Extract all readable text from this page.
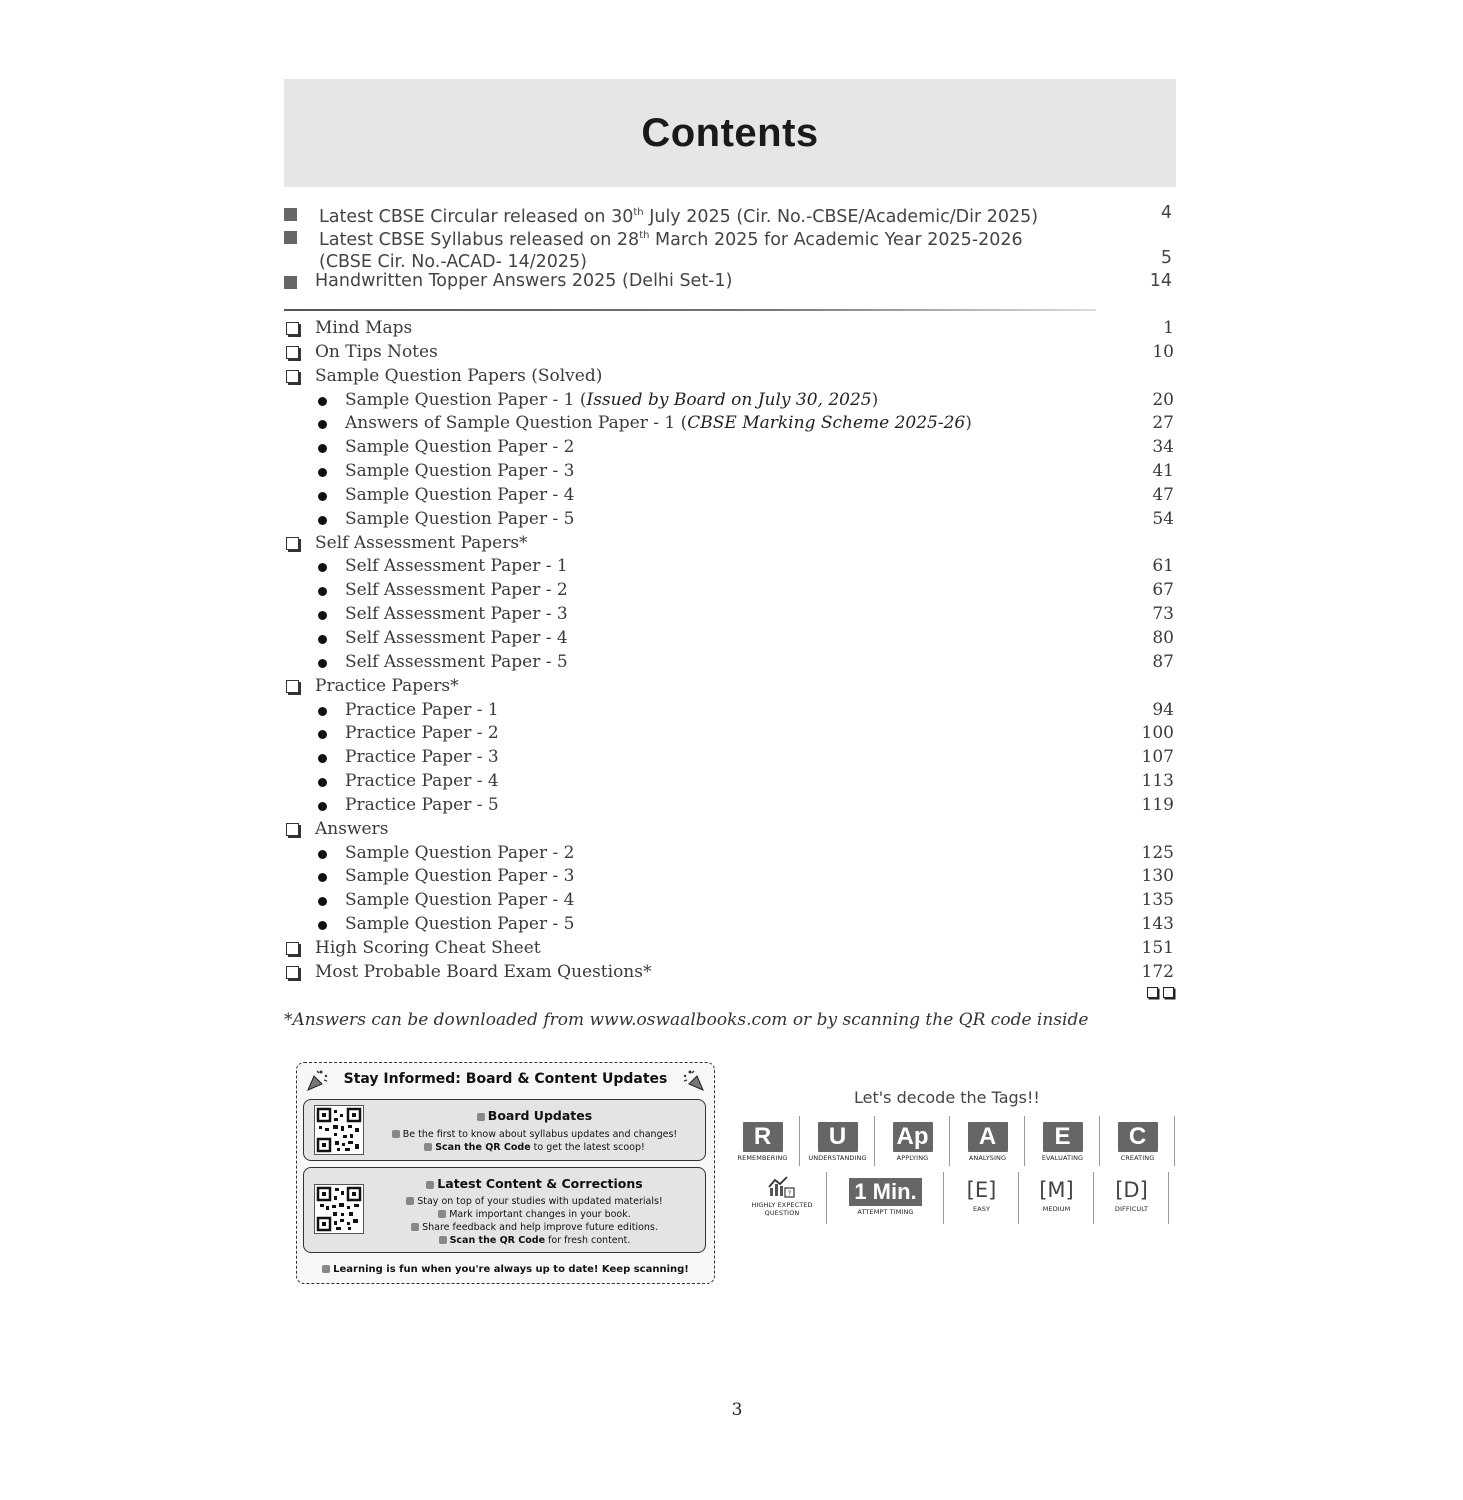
Contents
Latest CBSE Circular released on 30th July 2025 (Cir. No.-CBSE/Academic/Dir 2025)	4
Latest CBSE Syllabus released on 28th March 2025 for Academic Year 2025-2026
(CBSE Cir. No.-ACAD- 14/2025)	5
Handwritten Topper Answers 2025 (Delhi Set-1)	14
Mind Maps	1
On Tips Notes	10
Sample Question Papers (Solved)
Sample Question Paper - 1 (Issued by Board on July 30, 2025)	20
Answers of Sample Question Paper - 1 (CBSE Marking Scheme 2025-26)	27
Sample Question Paper - 2	34
Sample Question Paper - 3	41
Sample Question Paper - 4	47
Sample Question Paper - 5	54
Self Assessment Papers*
Self Assessment Paper - 1	61
Self Assessment Paper - 2	67
Self Assessment Paper - 3	73
Self Assessment Paper - 4	80
Self Assessment Paper - 5	87
Practice Papers*
Practice Paper - 1	94
Practice Paper - 2	100
Practice Paper - 3	107
Practice Paper - 4	113
Practice Paper - 5	119
Answers
Sample Question Paper - 2	125
Sample Question Paper - 3	130
Sample Question Paper - 4	135
Sample Question Paper - 5	143
High Scoring Cheat Sheet	151
Most Probable Board Exam Questions*	172
*Answers can be downloaded from www.oswaalbooks.com or by scanning the QR code inside
Stay Informed: Board & Content Updates
Board Updates
Be the first to know about syllabus updates and changes!
Scan the QR Code to get the latest scoop!
Latest Content & Corrections
Stay on top of your studies with updated materials!
Mark important changes in your book.
Share feedback and help improve future editions.
Scan the QR Code for fresh content.
Learning is fun when you're always up to date! Keep scanning!
Let's decode the Tags!!
R
REMEMBERING
U
UNDERSTANDING
Ap
APPLYING
A
ANALYSING
E
EVALUATING
C
CREATING
?
HIGHLY EXPECTED QUESTION
1 Min.
ATTEMPT TIMING
[E]
EASY
[M]
MEDIUM
[D]
DIFFICULT
3
